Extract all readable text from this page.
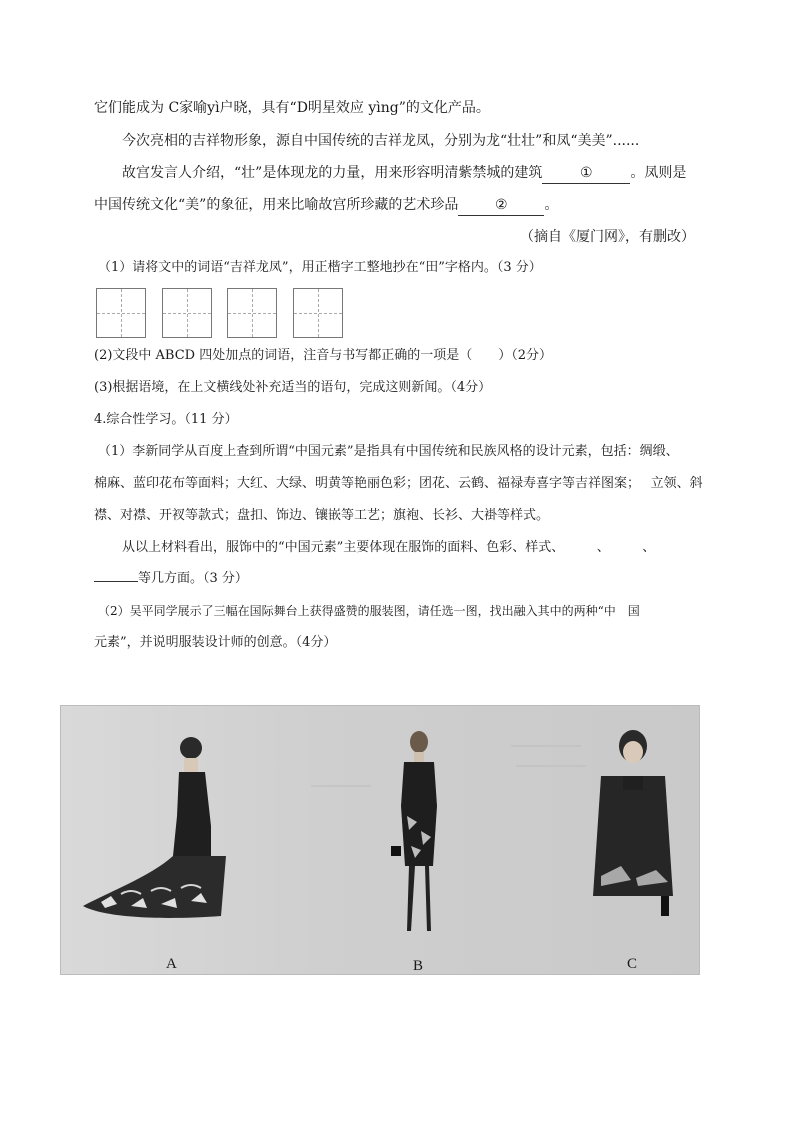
它们能成为 C家喻yì户晓，具有“D明星效应 yìng”的文化产品。
今次亮相的吉祥物形象，源自中国传统的吉祥龙凤，分别为龙“壮壮”和凤“美美”......
故宫发言人介绍，“壮”是体现龙的力量，用来形容明清紫禁城的建筑	①	。凤则是
中国传统文化“美”的象征，用来比喻故宫所珍藏的艺术珍品	②	。
（摘自《厦门网》，有删改）
（1）请将文中的词语“吉祥龙凤”，用正楷字工整地抄在“田”字格内。（3 分）
(2)文段中 ABCD 四处加点的词语，注音与书写都正确的一项是（　　）（2分）
(3)根据语境，在上文横线处补充适当的语句，完成这则新闻。（4分）
4.综合性学习。（11 分）
（1）李新同学从百度上查到所谓“中国元素”是指具有中国传统和民族风格的设计元素，包括：绸缎、
棉麻、蓝印花布等面料；大红、大绿、明黄等艳丽色彩；团花、云鹤、福禄寿喜字等吉祥图案；　 立领、斜
襟、对襟、开衩等款式；盘扣、饰边、镶嵌等工艺；旗袍、长衫、大褂等样式。
从以上材料看出，服饰中的“中国元素”主要体现在服饰的面料、色彩、样式、　　　、　　　、
等几方面。（3 分）
（2）吴平同学展示了三幅在国际舞台上获得盛赞的服装图，请任选一图，找出融入其中的两种“中　国
元素”，并说明服装设计师的创意。（4分）
A	B	C
